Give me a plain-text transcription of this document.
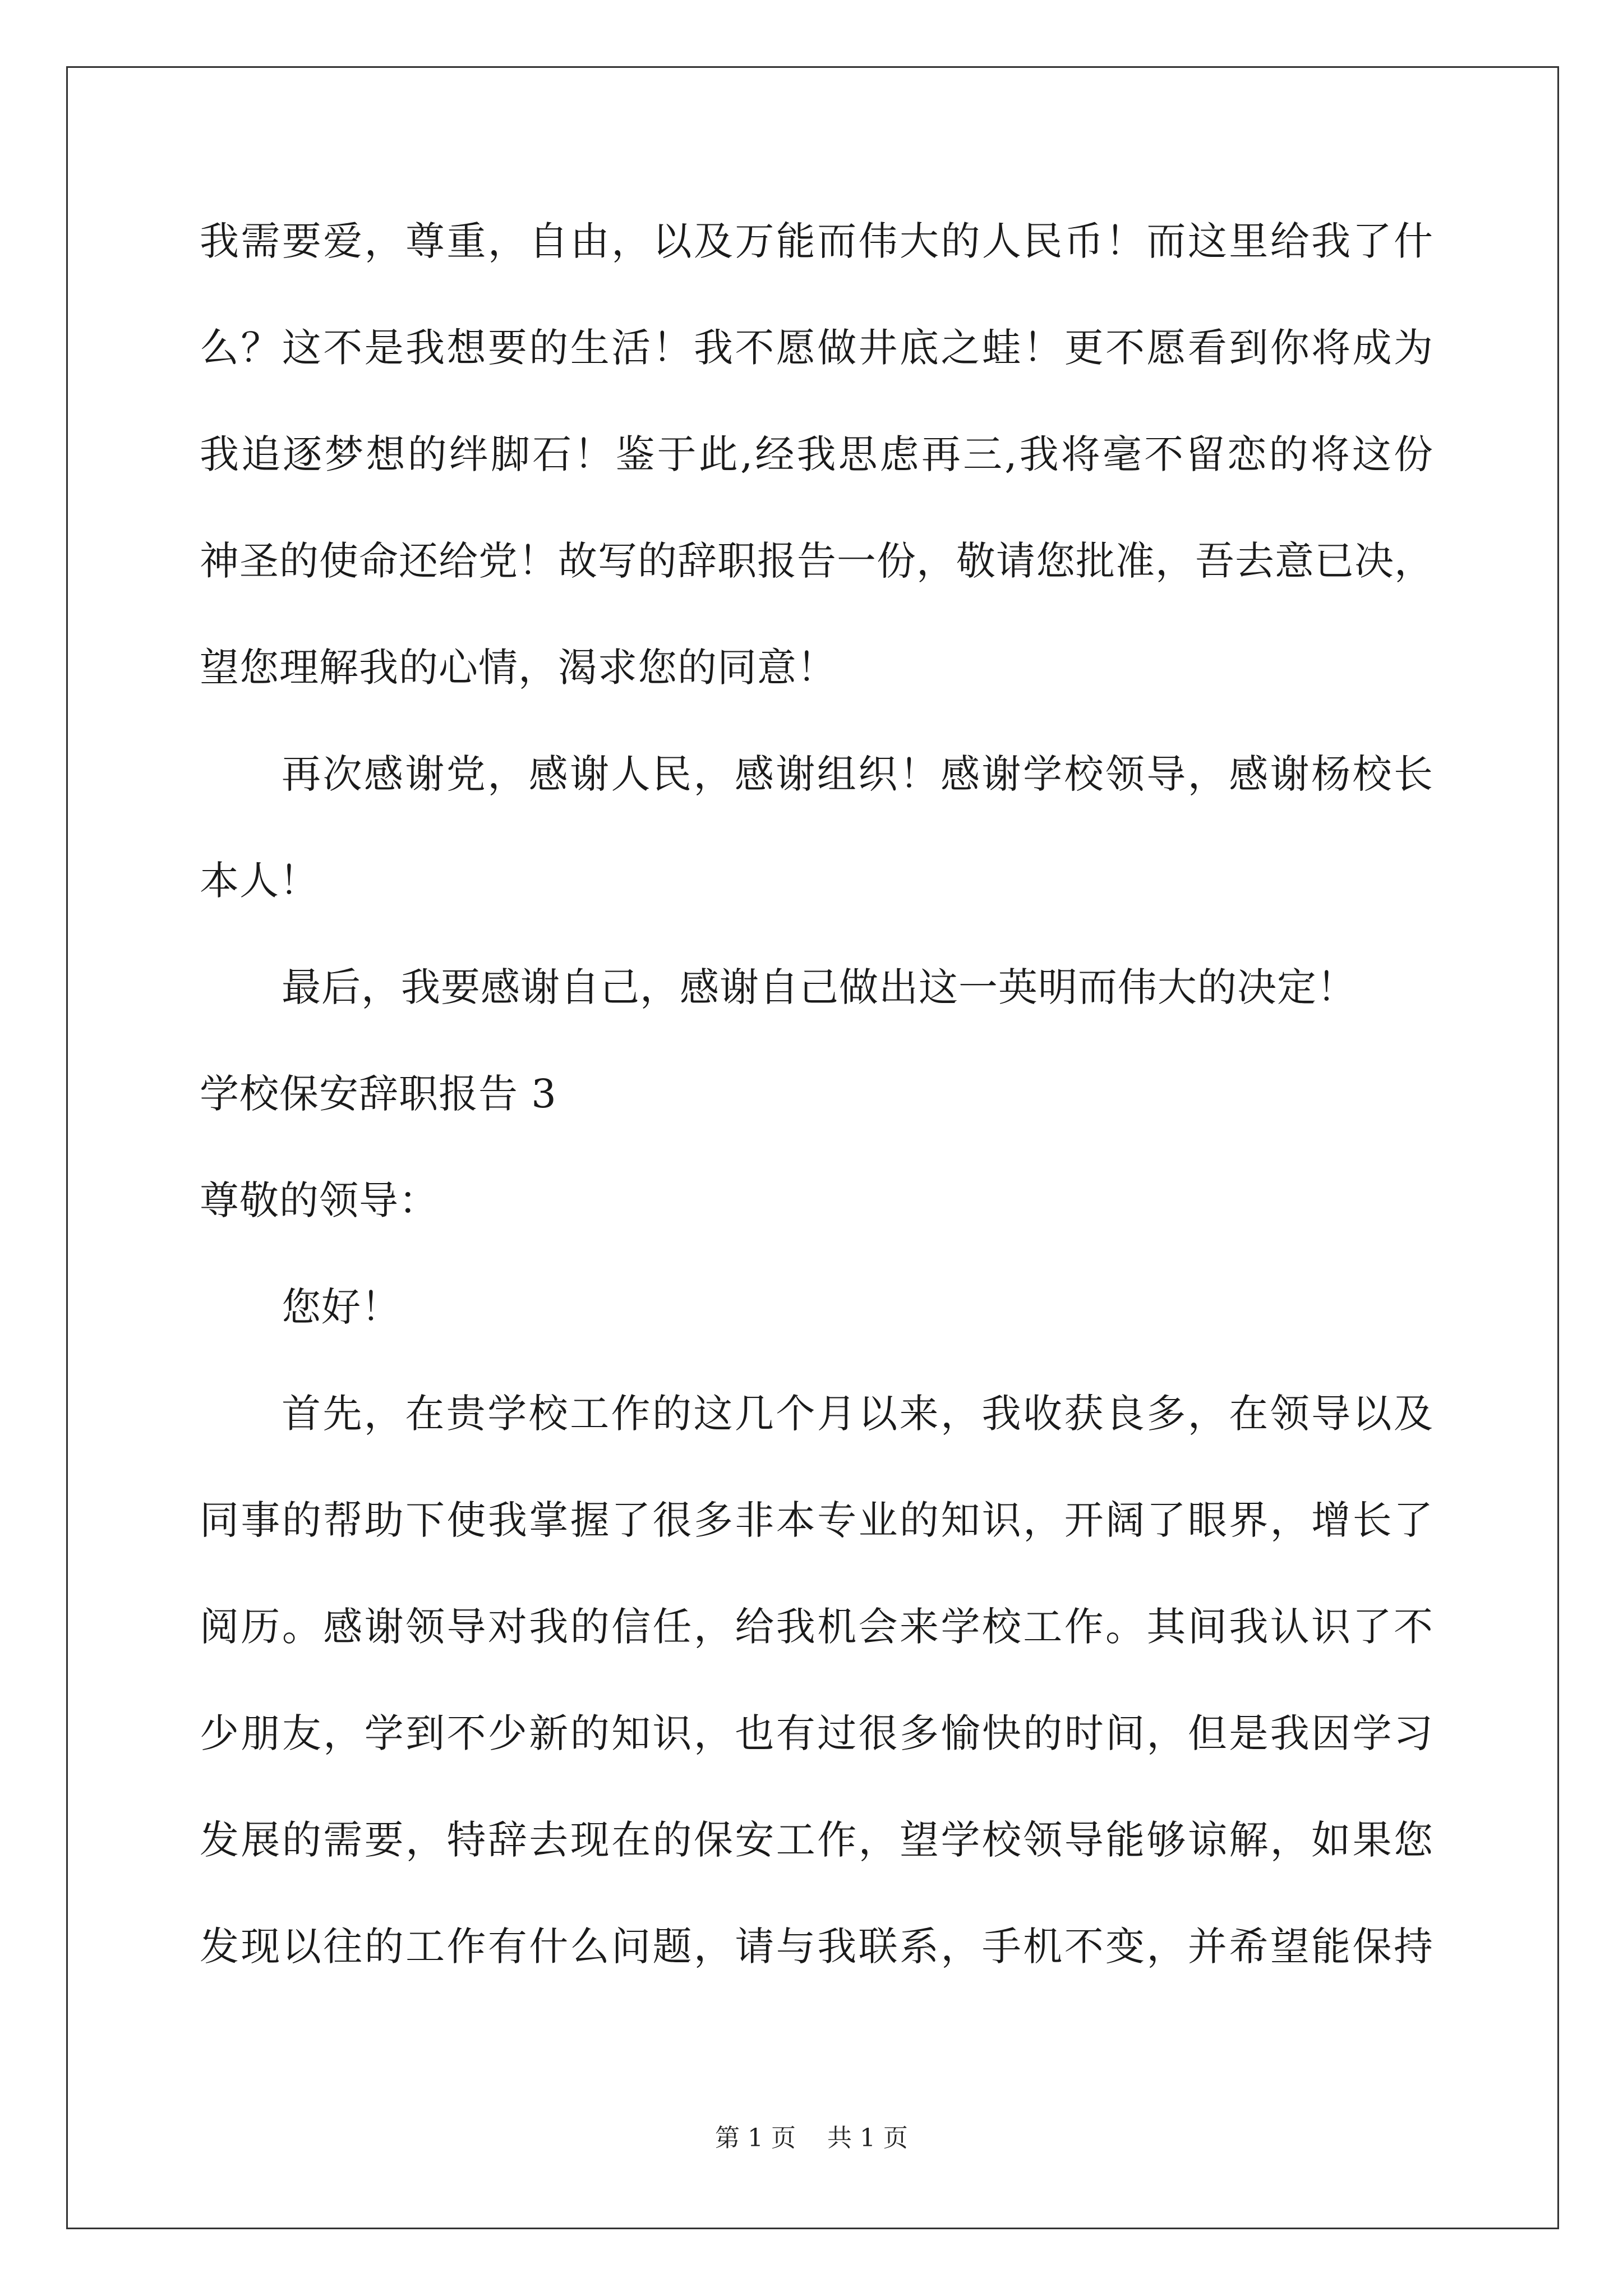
我需要爱，尊重，自由，以及万能而伟大的人民币！而这里给我了什
么？这不是我想要的生活！我不愿做井底之蛙！更不愿看到你将成为
我追逐梦想的绊脚石！鉴于此,经我思虑再三,我将毫不留恋的将这份
神圣的使命还给党！故写的辞职报告一份，敬请您批准，吾去意已决，
望您理解我的心情，渴求您的同意！
再次感谢党，感谢人民，感谢组织！感谢学校领导，感谢杨校长
本人！
最后，我要感谢自己，感谢自己做出这一英明而伟大的决定！
学校保安辞职报告 3
尊敬的领导：
您好！
首先，在贵学校工作的这几个月以来，我收获良多，在领导以及
同事的帮助下使我掌握了很多非本专业的知识，开阔了眼界，增长了
阅历。感谢领导对我的信任，给我机会来学校工作。其间我认识了不
少朋友，学到不少新的知识，也有过很多愉快的时间，但是我因学习
发展的需要，特辞去现在的保安工作，望学校领导能够谅解，如果您
发现以往的工作有什么问题，请与我联系，手机不变，并希望能保持
第 1 页    共 1 页
